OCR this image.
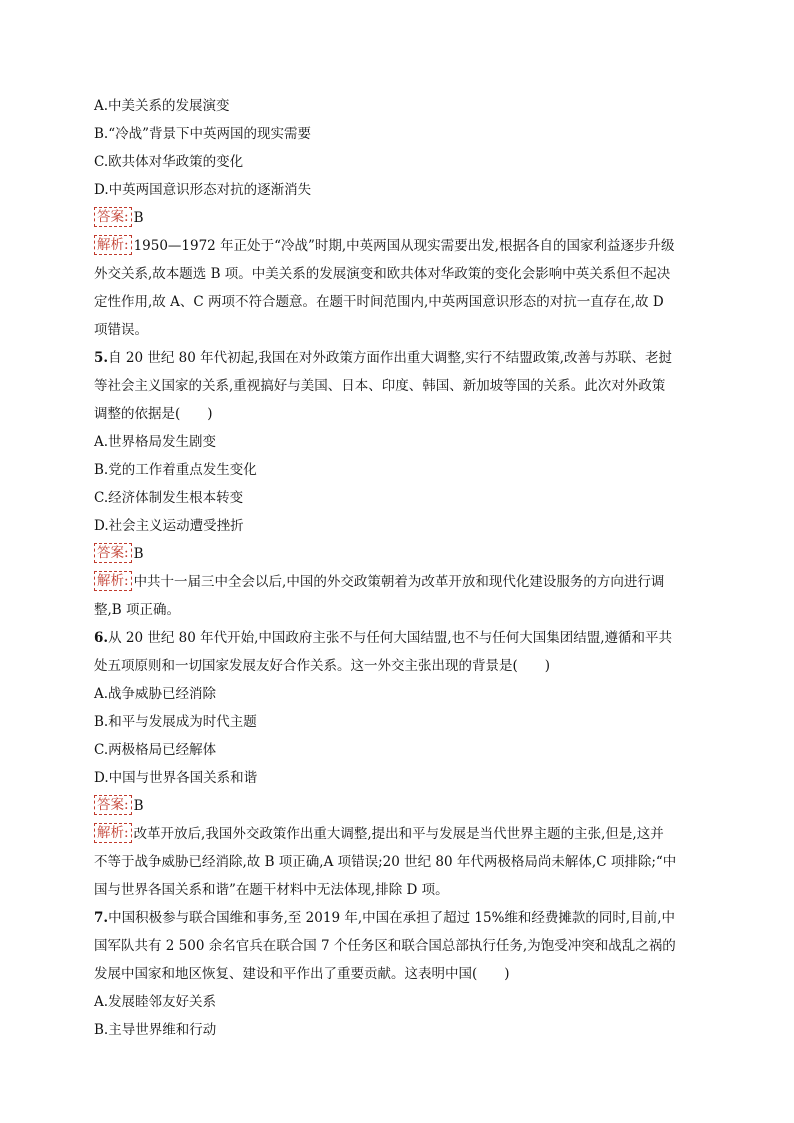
A.中美关系的发展演变
B.“冷战”背景下中英两国的现实需要
C.欧共体对华政策的变化
D.中英两国意识形态对抗的逐渐消失
答案: B
解析: 1950—1972 年正处于“冷战”时期,中英两国从现实需要出发,根据各自的国家利益逐步升级
外交关系,故本题选 B 项。中美关系的发展演变和欧共体对华政策的变化会影响中英关系但不起决
定性作用,故 A、C 两项不符合题意。在题干时间范围内,中英两国意识形态的对抗一直存在,故 D
项错误。
5.自 20 世纪 80 年代初起,我国在对外政策方面作出重大调整,实行不结盟政策,改善与苏联、老挝
等社会主义国家的关系,重视搞好与美国、日本、印度、韩国、新加坡等国的关系。此次对外政策
调整的依据是(　　)
A.世界格局发生剧变
B.党的工作着重点发生变化
C.经济体制发生根本转变
D.社会主义运动遭受挫折
答案: B
解析: 中共十一届三中全会以后,中国的外交政策朝着为改革开放和现代化建设服务的方向进行调
整,B 项正确。
6.从 20 世纪 80 年代开始,中国政府主张不与任何大国结盟,也不与任何大国集团结盟,遵循和平共
处五项原则和一切国家发展友好合作关系。这一外交主张出现的背景是(　　)
A.战争威胁已经消除
B.和平与发展成为时代主题
C.两极格局已经解体
D.中国与世界各国关系和谐
答案: B
解析: 改革开放后,我国外交政策作出重大调整,提出和平与发展是当代世界主题的主张,但是,这并
不等于战争威胁已经消除,故 B 项正确,A 项错误;20 世纪 80 年代两极格局尚未解体,C 项排除;“中
国与世界各国关系和谐”在题干材料中无法体现,排除 D 项。
7.中国积极参与联合国维和事务,至 2019 年,中国在承担了超过 15%维和经费摊款的同时,目前,中
国军队共有 2 500 余名官兵在联合国 7 个任务区和联合国总部执行任务,为饱受冲突和战乱之祸的
发展中国家和地区恢复、建设和平作出了重要贡献。这表明中国(　　)
A.发展睦邻友好关系
B.主导世界维和行动
